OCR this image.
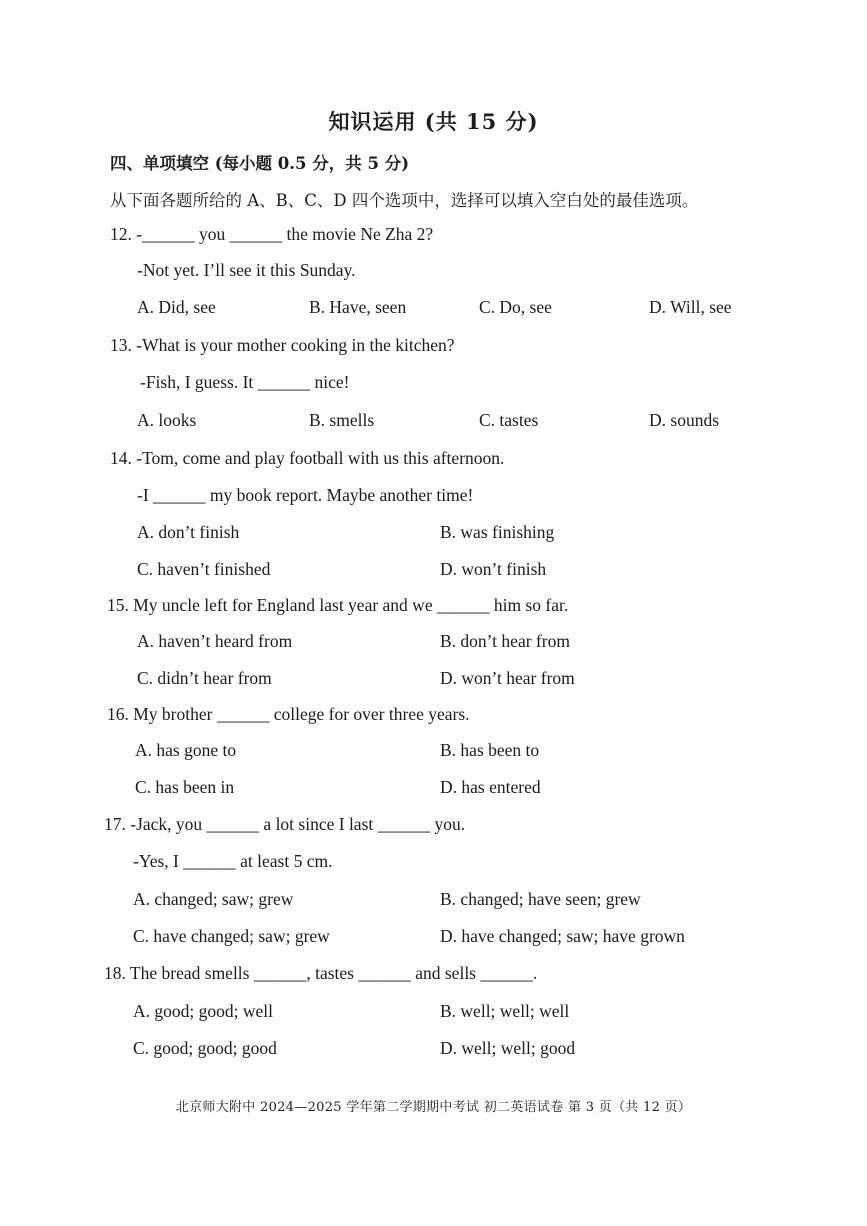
知识运用 (共 15 分)
四、单项填空 (每小题 0.5 分，共 5 分)
从下面各题所给的 A、B、C、D 四个选项中，选择可以填入空白处的最佳选项。
12. -______ you ______ the movie Ne Zha 2?
-Not yet. I’ll see it this Sunday.
A. Did, see	B. Have, seen	C. Do, see	D. Will, see
13. -What is your mother cooking in the kitchen?
-Fish, I guess. It ______ nice!
A. looks	B. smells	C. tastes	D. sounds
14. -Tom, come and play football with us this afternoon.
-I ______ my book report. Maybe another time!
A. don’t finish	B. was finishing
C. haven’t finished	D. won’t finish
15. My uncle left for England last year and we ______ him so far.
A. haven’t heard from	B. don’t hear from
C. didn’t hear from	D. won’t hear from
16. My brother ______ college for over three years.
A. has gone to	B. has been to
C. has been in	D. has entered
17. -Jack, you ______ a lot since I last ______ you.
-Yes, I ______ at least 5 cm.
A. changed; saw; grew	B. changed; have seen; grew
C. have changed; saw; grew	D. have changed; saw; have grown
18. The bread smells ______, tastes ______ and sells ______.
A. good; good; well	B. well; well; well
C. good; good; good	D. well; well; good
北京师大附中 2024—2025 学年第二学期期中考试 初二英语试卷 第 3 页（共 12 页）
